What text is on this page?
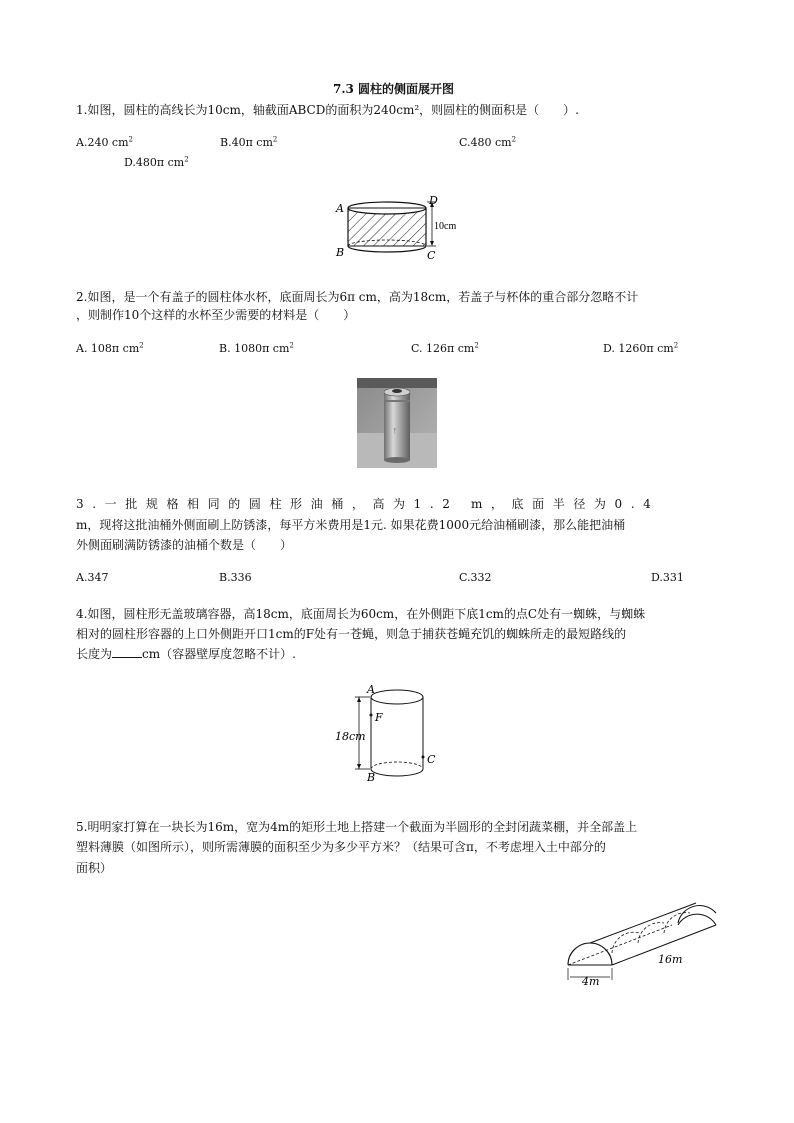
7.3 圆柱的侧面展开图
1.如图，圆柱的高线长为10cm，轴截面ABCD的面积为240cm²，则圆柱的侧面积是（　　）.
A.240 $cm^2$	B.40π $cm^2$	C.480 $cm^2$
D.480π $cm^2$
A
D
B	C
10cm
2.如图，是一个有盖子的圆柱体水杯，底面周长为6π cm，高为18cm，若盖子与杯体的重合部分忽略不计
，则制作10个这样的水杯至少需要的材料是（　　）
A. 108π $cm^2$	B. 1080π $cm^2$	C. 126π $cm^2$	D. 1260π $cm^2$
ᛉ
3.一批规格相同的圆柱形油桶，高为1.2 m，底面半径为0.4
m，现将这批油桶外侧面刷上防锈漆，每平方米费用是1元. 如果花费1000元给油桶刷漆，那么能把油桶
外侧面刷满防锈漆的油桶个数是（　　）
A.347	B.336	C.332	D.331
4.如图，圆柱形无盖玻璃容器，高18cm，底面周长为60cm，在外侧距下底1cm的点C处有一蜘蛛，与蜘蛛
相对的圆柱形容器的上口外侧距开口1cm的F处有一苍蝇，则急于捕获苍蝇充饥的蜘蛛所走的最短路线的
长度为	cm（容器壁厚度忽略不计）.
A
F
B
C
18cm
5.明明家打算在一块长为16m，宽为4m的矩形土地上搭建一个截面为半圆形的全封闭蔬菜棚，并全部盖上
塑料薄膜（如图所示），则所需薄膜的面积至少为多少平方米？（结果可含π，不考虑埋入土中部分的
面积）
4m
16m
